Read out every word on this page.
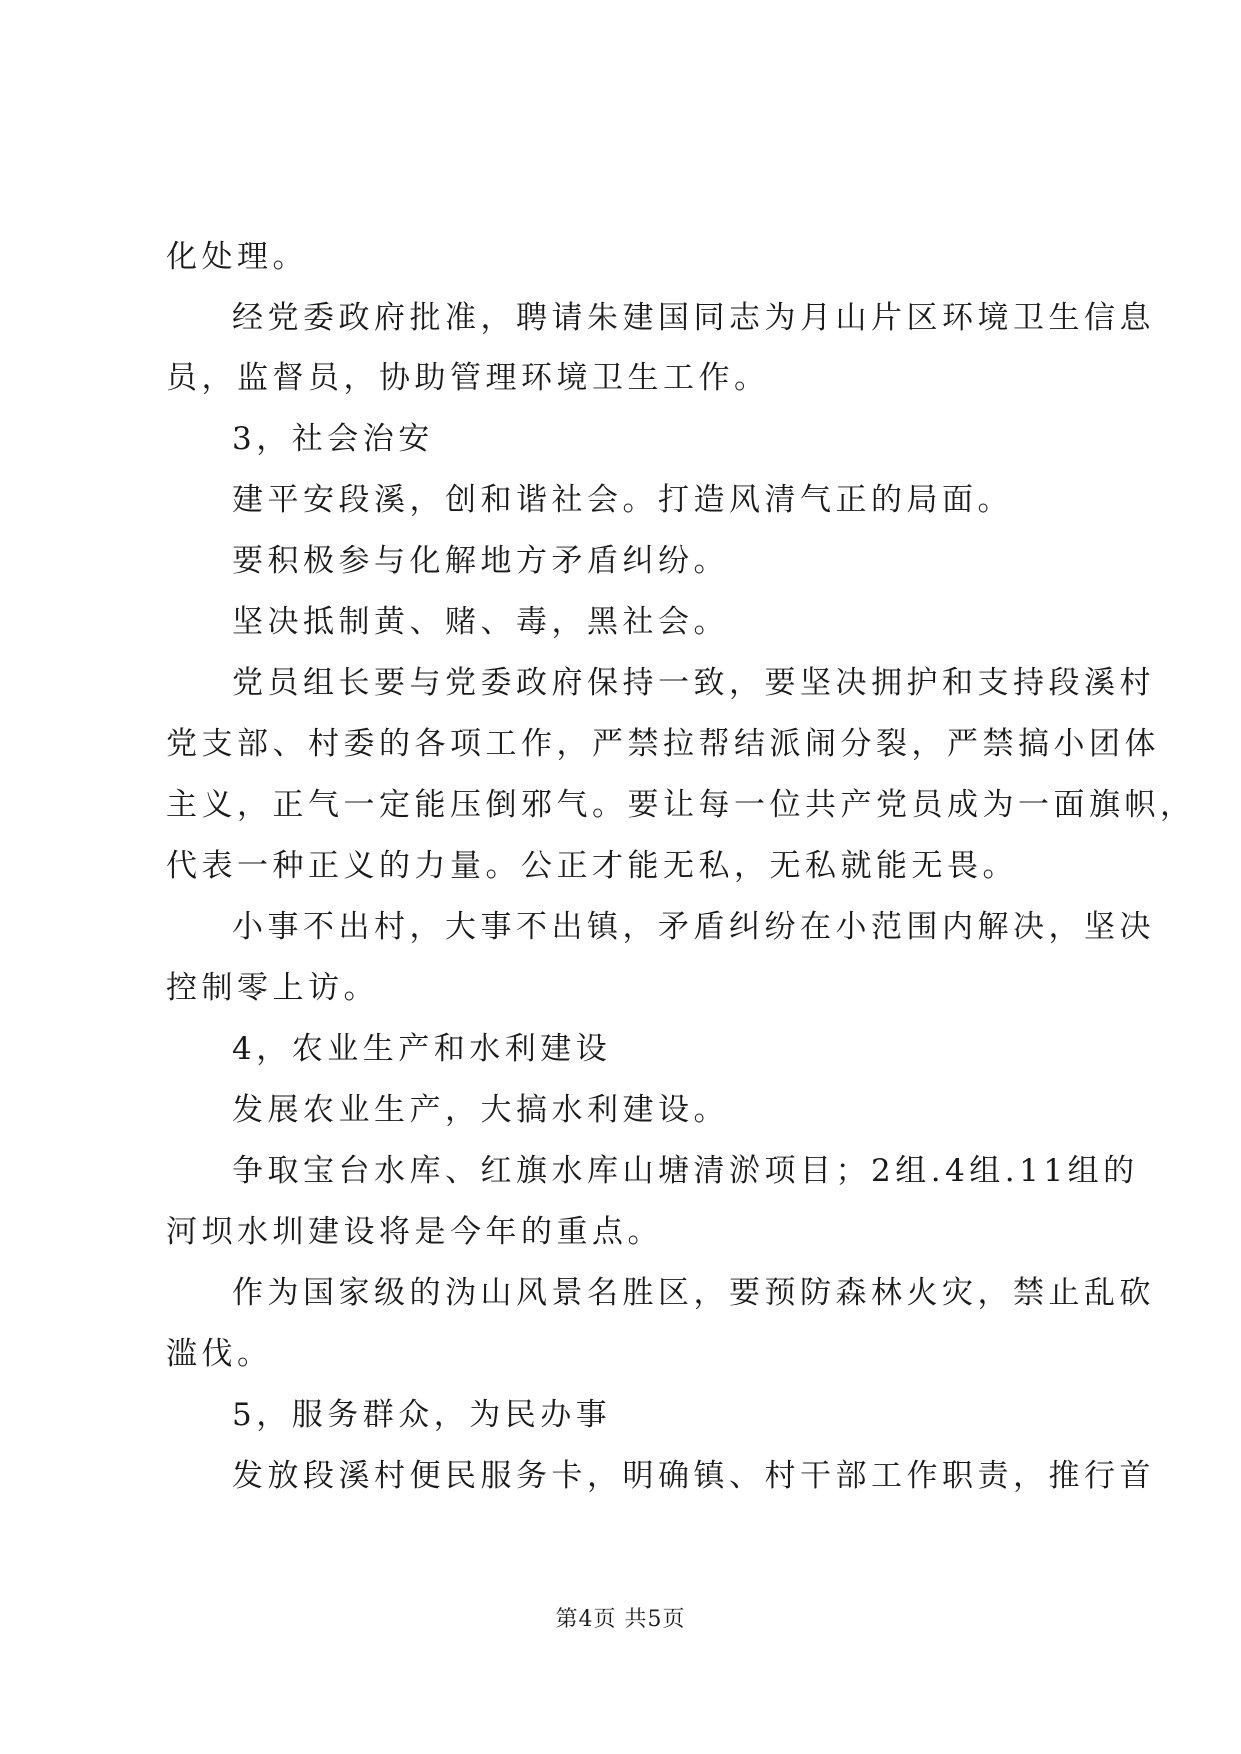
化处理。
经党委政府批准，聘请朱建国同志为月山片区环境卫生信息
员，监督员，协助管理环境卫生工作。
3，社会治安
建平安段溪，创和谐社会。打造风清气正的局面。
要积极参与化解地方矛盾纠纷。
坚决抵制黄、赌、毒，黑社会。
党员组长要与党委政府保持一致，要坚决拥护和支持段溪村
党支部、村委的各项工作，严禁拉帮结派闹分裂，严禁搞小团体
主义，正气一定能压倒邪气。要让每一位共产党员成为一面旗帜，
代表一种正义的力量。公正才能无私，无私就能无畏。
小事不出村，大事不出镇，矛盾纠纷在小范围内解决，坚决
控制零上访。
4，农业生产和水利建设
发展农业生产，大搞水利建设。
争取宝台水库、红旗水库山塘清淤项目；2组.4组.11组的
河坝水圳建设将是今年的重点。
作为国家级的沩山风景名胜区，要预防森林火灾，禁止乱砍
滥伐。
5，服务群众，为民办事
发放段溪村便民服务卡，明确镇、村干部工作职责，推行首
第4页 共5页
